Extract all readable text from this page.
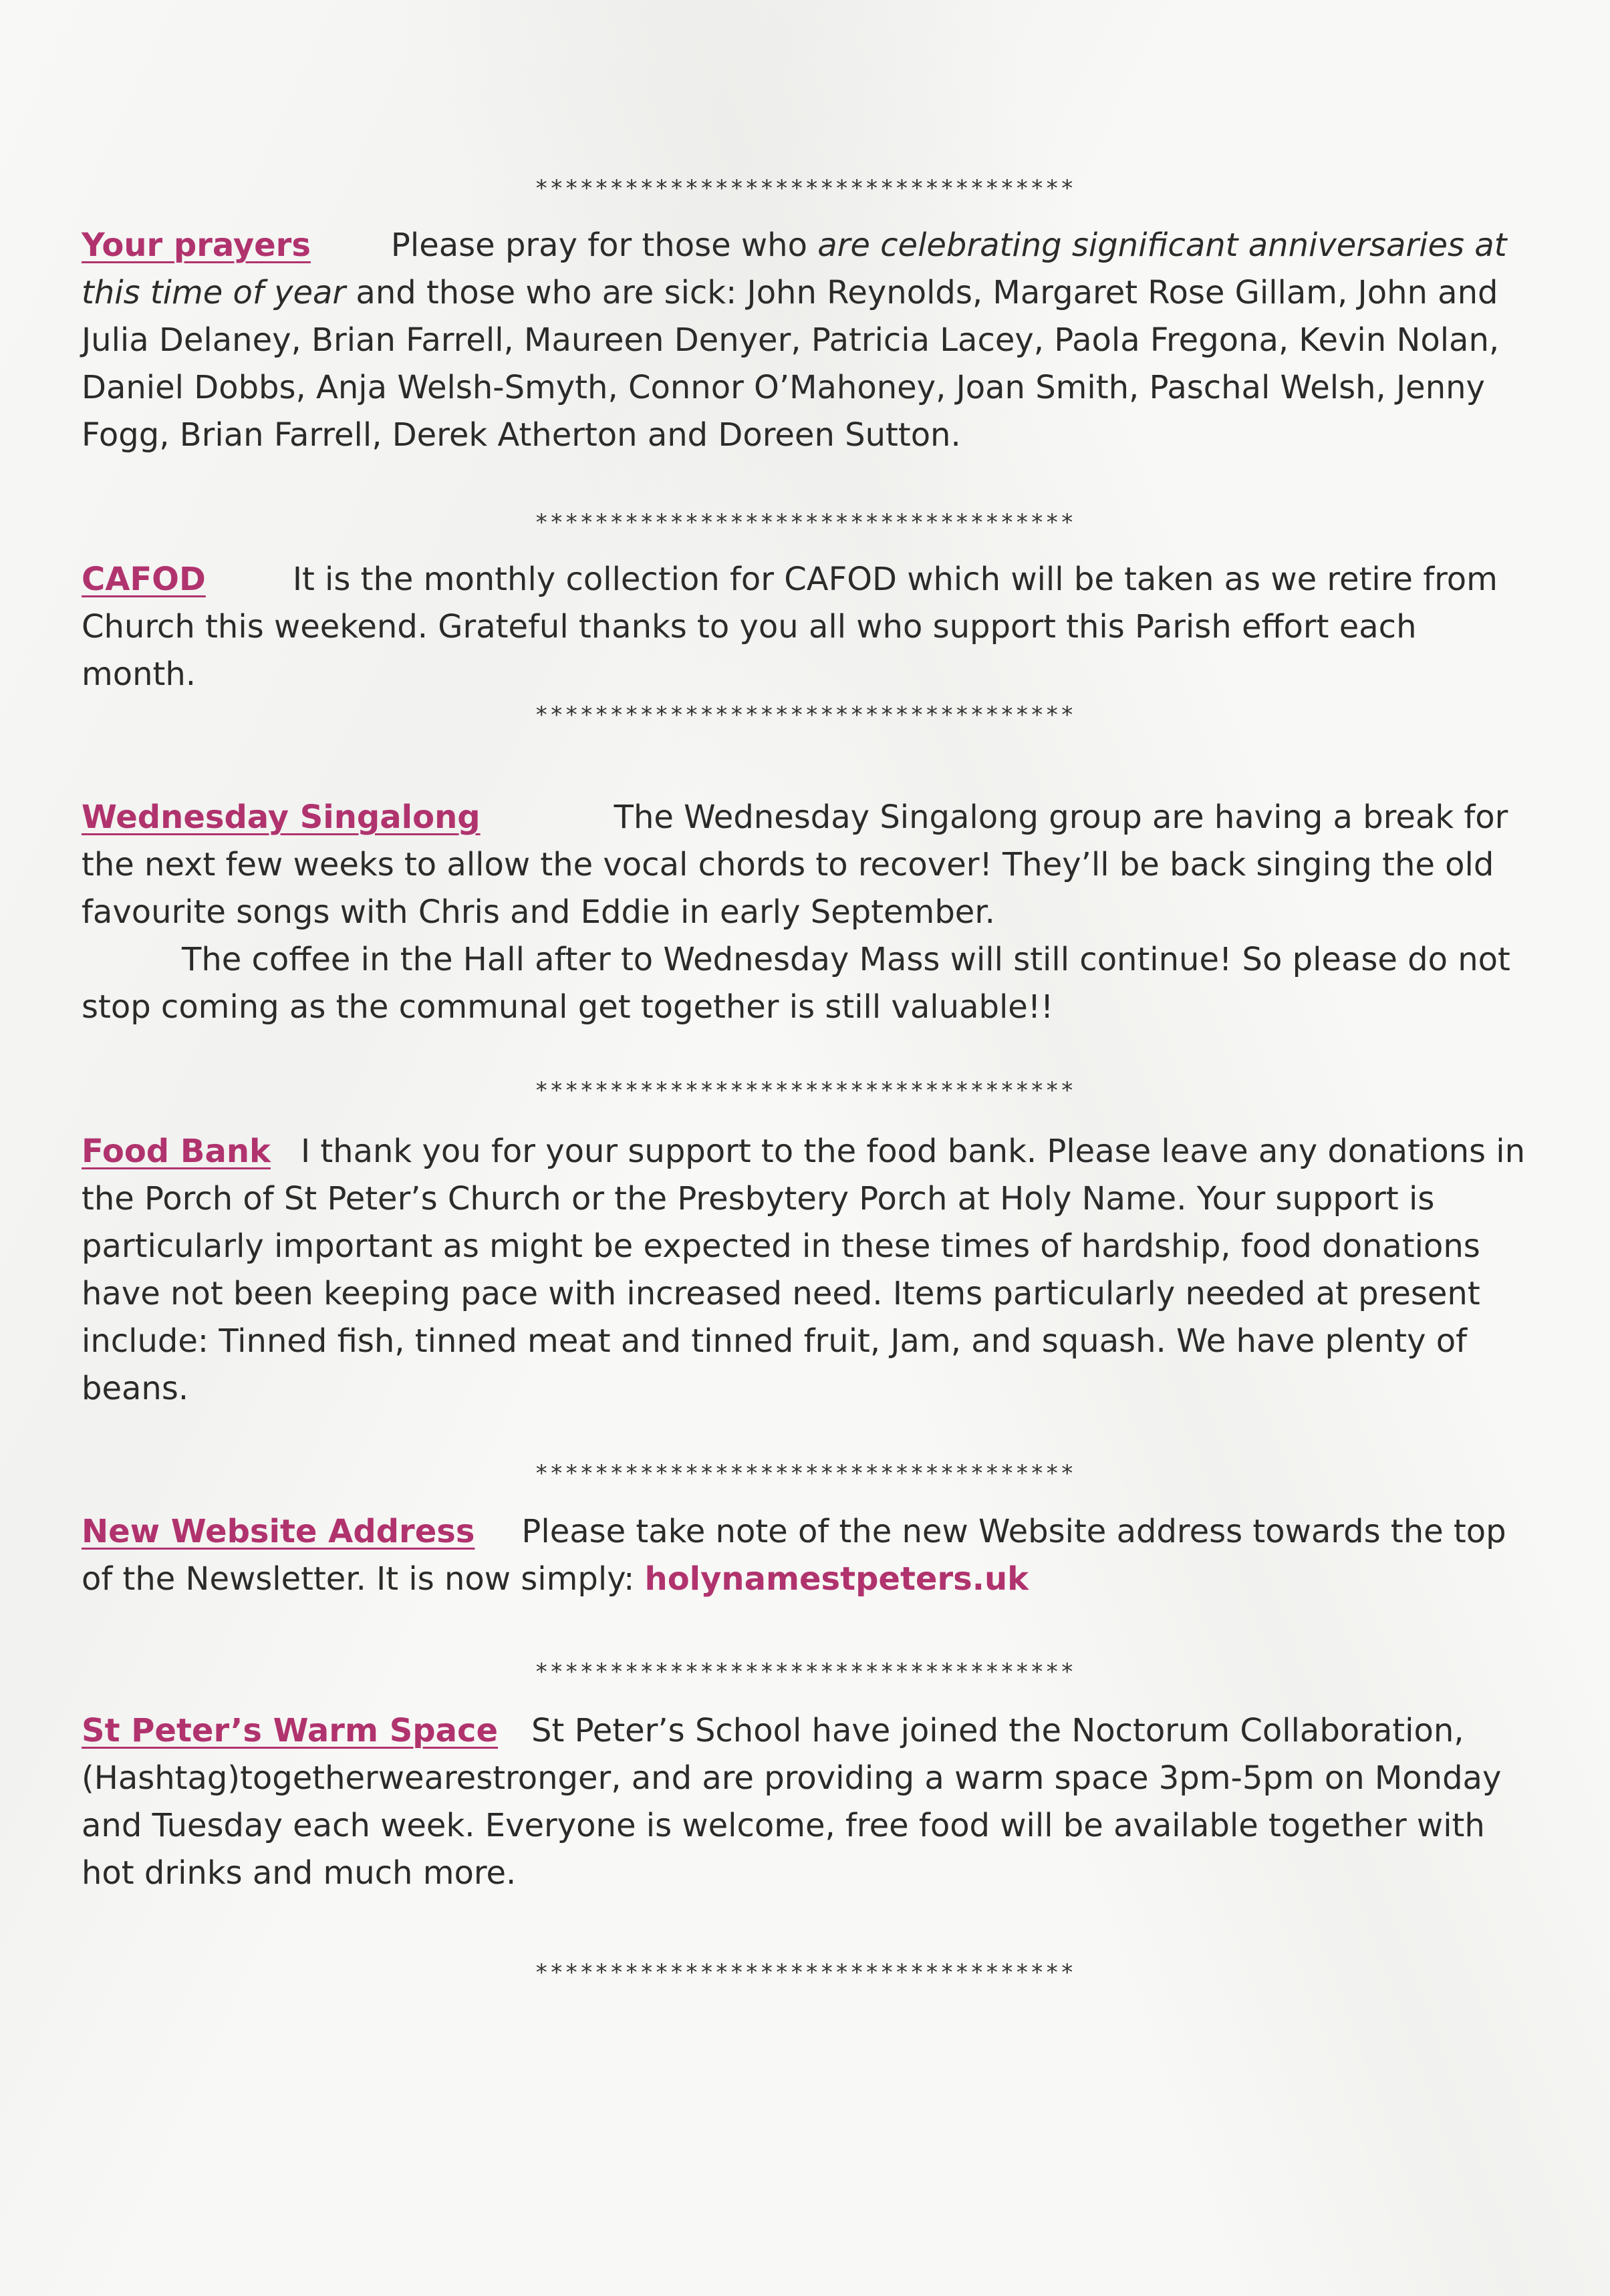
************************************

Your prayers	Please pray for those who are celebrating significant anniversaries at this time of year and those who are sick: John Reynolds, Margaret Rose Gillam, John and Julia Delaney, Brian Farrell, Maureen Denyer, Patricia Lacey, Paola Fregona, Kevin Nolan, Daniel Dobbs, Anja Welsh-Smyth, Connor O’Mahoney, Joan Smith, Paschal Welsh, Jenny Fogg, Brian Farrell, Derek Atherton and Doreen Sutton.

************************************

CAFOD	It is the monthly collection for CAFOD which will be taken as we retire from Church this weekend. Grateful thanks to you all who support this Parish effort each month.

************************************

Wednesday Singalong	The Wednesday Singalong group are having a break for the next few weeks to allow the vocal chords to recover! They’ll be back singing the old favourite songs with Chris and Eddie in early September.
The coffee in the Hall after to Wednesday Mass will still continue! So please do not stop coming as the communal get together is still valuable!!

************************************

Food Bank I thank you for your support to the food bank. Please leave any donations in the Porch of St Peter’s Church or the Presbytery Porch at Holy Name. Your support is particularly important as might be expected in these times of hardship, food donations have not been keeping pace with increased need. Items particularly needed at present include: Tinned fish, tinned meat and tinned fruit, Jam, and squash. We have plenty of beans.

************************************

New Website Address Please take note of the new Website address towards the top of the Newsletter. It is now simply: holynamestpeters.uk

************************************

St Peter’s Warm Space St Peter’s School have joined the Noctorum Collaboration, (Hashtag)togetherwearestronger, and are providing a warm space 3pm-5pm on Monday and Tuesday each week. Everyone is welcome, free food will be available together with hot drinks and much more.

************************************
